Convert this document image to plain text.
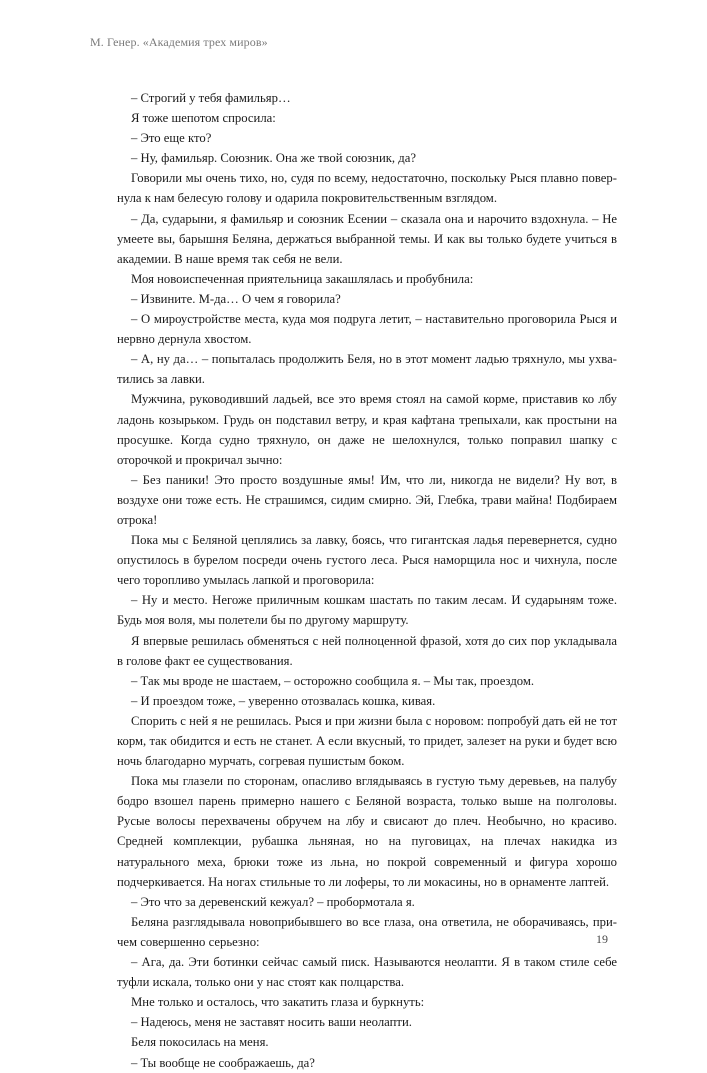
М. Генер. «Академия трех миров»

– Строгий у тебя фамильяр…

Я тоже шепотом спросила:

– Это еще кто?

– Ну, фамильяр. Союзник. Она же твой союзник, да?

Говорили мы очень тихо, но, судя по всему, недостаточно, поскольку Рыся плавно повернула к нам белесую голову и одарила покровительственным взглядом.

– Да, сударыни, я фамильяр и союзник Есении – сказала она и нарочито вздохнула. – Не умеете вы, барышня Беляна, держаться выбранной темы. И как вы только будете учиться в академии. В наше время так себя не вели.

Моя новоиспеченная приятельница закашлялась и пробубнила:

– Извините. М-да… О чем я говорила?

– О мироустройстве места, куда моя подруга летит, – наставительно проговорила Рыся и нервно дернула хвостом.

– А, ну да… – попыталась продолжить Беля, но в этот момент ладью тряхнуло, мы ухватились за лавки.

Мужчина, руководивший ладьей, все это время стоял на самой корме, приставив ко лбу ладонь козырьком. Грудь он подставил ветру, и края кафтана трепыхали, как простыни на просушке. Когда судно тряхнуло, он даже не шелохнулся, только поправил шапку с оторочкой и прокричал зычно:

– Без паники! Это просто воздушные ямы! Им, что ли, никогда не видели? Ну вот, в воздухе они тоже есть. Не страшимся, сидим смирно. Эй, Глебка, трави майна! Подбираем отрока!

Пока мы с Беляной цеплялись за лавку, боясь, что гигантская ладья перевернется, судно опустилось в бурелом посреди очень густого леса. Рыся наморщила нос и чихнула, после чего торопливо умылась лапкой и проговорила:

– Ну и место. Негоже приличным кошкам шастать по таким лесам. И сударыням тоже. Будь моя воля, мы полетели бы по другому маршруту.

Я впервые решилась обменяться с ней полноценной фразой, хотя до сих пор укладывала в голове факт ее существования.

– Так мы вроде не шастаем, – осторожно сообщила я. – Мы так, проездом.

– И проездом тоже, – уверенно отозвалась кошка, кивая.

Спорить с ней я не решилась. Рыся и при жизни была с норовом: попробуй дать ей не тот корм, так обидится и есть не станет. А если вкусный, то придет, залезет на руки и будет всю ночь благодарно мурчать, согревая пушистым боком.

Пока мы глазели по сторонам, опасливо вглядываясь в густую тьму деревьев, на палубу бодро взошел парень примерно нашего с Беляной возраста, только выше на полголовы. Русые волосы перехвачены обручем на лбу и свисают до плеч. Необычно, но красиво. Средней комплекции, рубашка льняная, но на пуговицах, на плечах накидка из натурального меха, брюки тоже из льна, но покрой современный и фигура хорошо подчеркивается. На ногах стильные то ли лоферы, то ли мокасины, но в орнаменте лаптей.

– Это что за деревенский кежуал? – пробормотала я.

Беляна разглядывала новоприбывшего во все глаза, она ответила, не оборачиваясь, причем совершенно серьезно:

– Ага, да. Эти ботинки сейчас самый писк. Называются неолапти. Я в таком стиле себе туфли искала, только они у нас стоят как полцарства.

Мне только и осталось, что закатить глаза и буркнуть:

– Надеюсь, меня не заставят носить ваши неолапти.

Беля покосилась на меня.

– Ты вообще не соображаешь, да?

19
